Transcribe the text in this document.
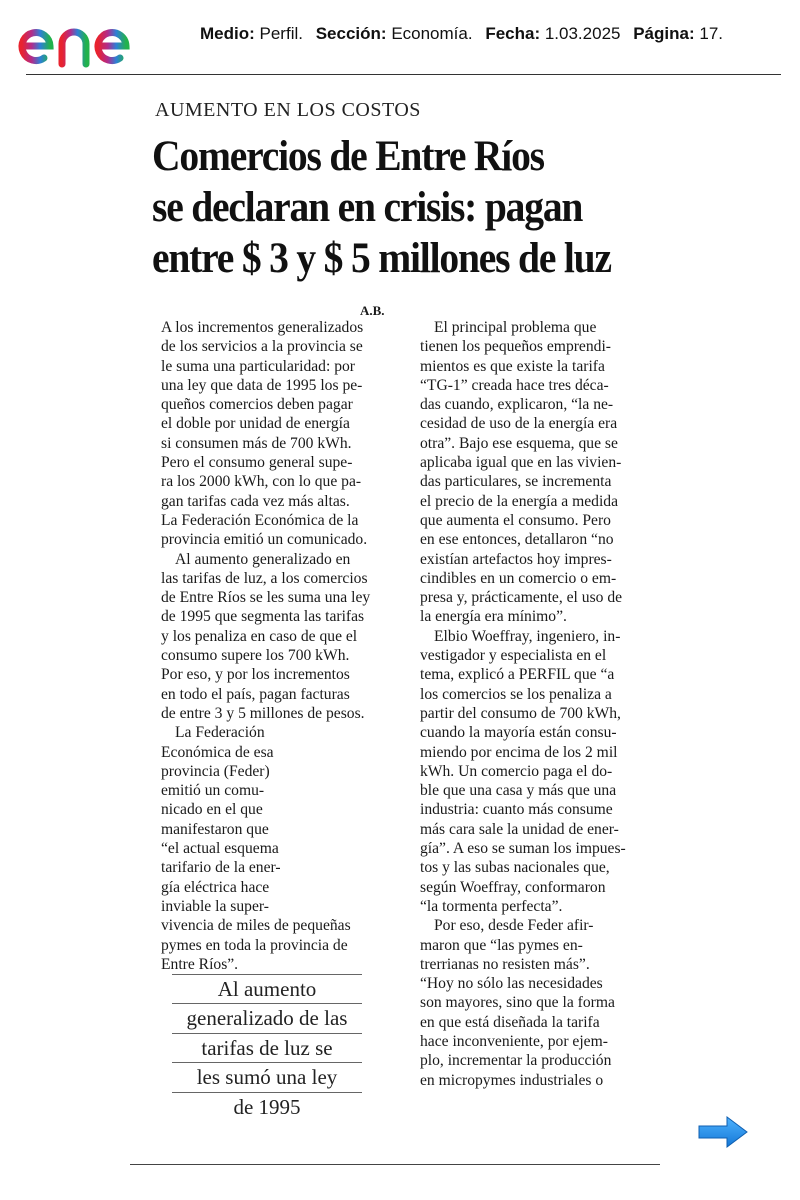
Medio: Perfil. Sección: Economía. Fecha: 1.03.2025 Página: 17.
AUMENTO EN LOS COSTOS
Comercios de Entre Ríos
se declaran en crisis: pagan
entre $ 3 y $ 5 millones de luz
A.B.

A los incrementos generalizados

de los servicios a la provincia se

le suma una particularidad: por

una ley que data de 1995 los pe-

queños comercios deben pagar

el doble por unidad de energía

si consumen más de 700 kWh.

Pero el consumo general supe-

ra los 2000 kWh, con lo que pa-

gan tarifas cada vez más altas.

La Federación Económica de la

provincia emitió un comunicado.

Al aumento generalizado en

las tarifas de luz, a los comercios

de Entre Ríos se les suma una ley

de 1995 que segmenta las tarifas

y los penaliza en caso de que el

consumo supere los 700 kWh.

Por eso, y por los incrementos

en todo el país, pagan facturas

de entre 3 y 5 millones de pesos.

La Federación

Económica de esa

provincia (Feder)

emitió un comu-

nicado en el que

manifestaron que

“el actual esquema

tarifario de la ener-

gía eléctrica hace

inviable la super-

vivencia de miles de pequeñas

pymes en toda la provincia de

Entre Ríos”.

El principal problema que

tienen los pequeños emprendi-

mientos es que existe la tarifa

“TG-1” creada hace tres déca-

das cuando, explicaron, “la ne-

cesidad de uso de la energía era

otra”. Bajo ese esquema, que se

aplicaba igual que en las vivien-

das particulares, se incrementa

el precio de la energía a medida

que aumenta el consumo. Pero

en ese entonces, detallaron “no

existían artefactos hoy impres-

cindibles en un comercio o em-

presa y, prácticamente, el uso de

la energía era mínimo”.

Elbio Woeffray, ingeniero, in-

vestigador y especialista en el

tema, explicó a PERFIL que “a

los comercios se los penaliza a

partir del consumo de 700 kWh,

cuando la mayoría están consu-

miendo por encima de los 2 mil

kWh. Un comercio paga el do-

ble que una casa y más que una

industria: cuanto más consume

más cara sale la unidad de ener-

gía”. A eso se suman los impues-

tos y las subas nacionales que,

según Woeffray, conformaron

“la tormenta perfecta”.

Por eso, desde Feder afir-

maron que “las pymes en-

trerrianas no resisten más”.

“Hoy no sólo las necesidades

son mayores, sino que la forma

en que está diseñada la tarifa

hace inconveniente, por ejem-

plo, incrementar la producción

en micropymes industriales o

Al aumento
generalizado de las
tarifas de luz se
les sumó una ley
de 1995
